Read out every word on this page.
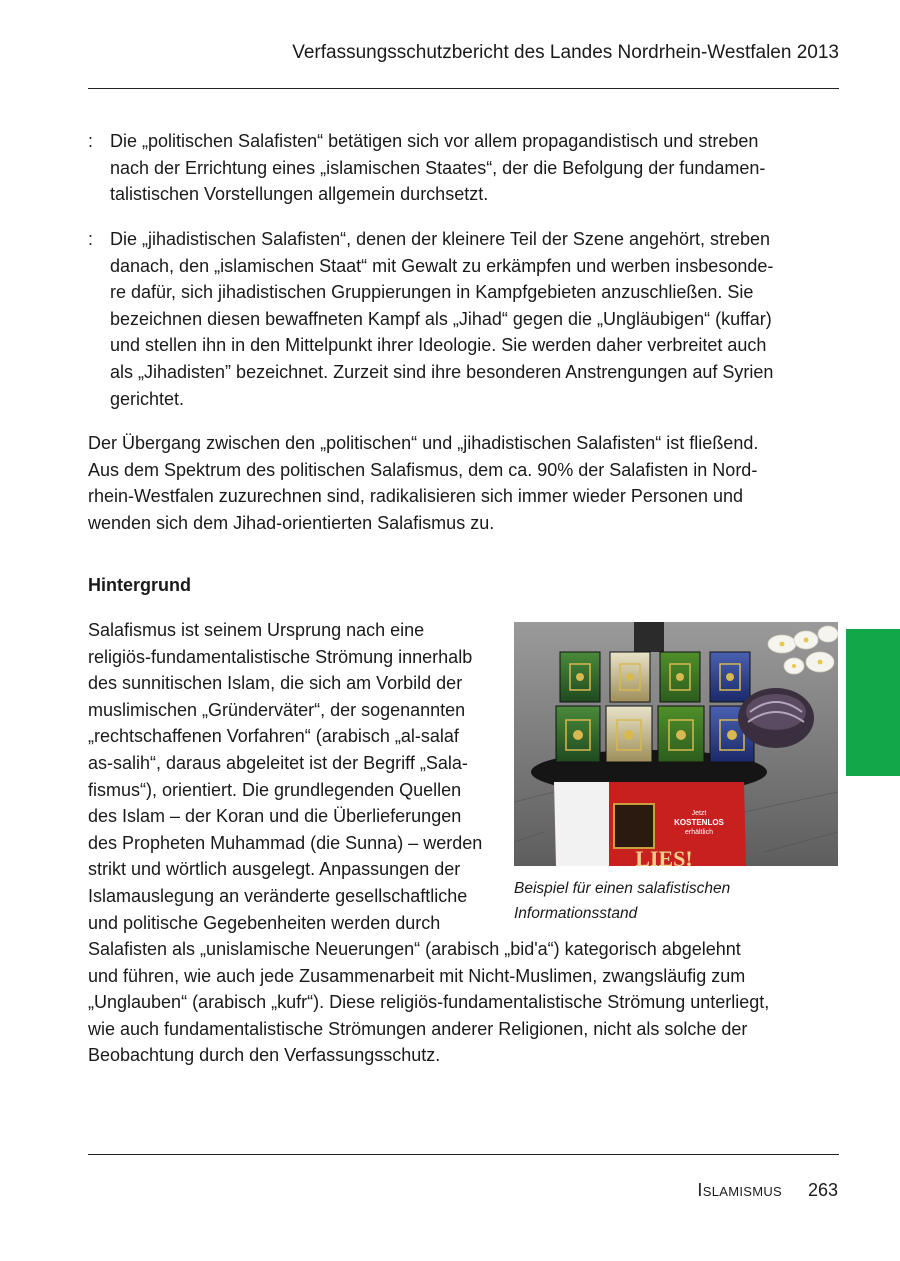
Verfassungsschutzbericht des Landes Nordrhein-Westfalen 2013
: Die „politischen Salafisten“ betätigen sich vor allem propagandistisch und streben
nach der Errichtung eines „islamischen Staates“, der die Befolgung der fundamen-
talistischen Vorstellungen allgemein durchsetzt.
: Die „jihadistischen Salafisten“, denen der kleinere Teil der Szene angehört, streben
danach, den „islamischen Staat“ mit Gewalt zu erkämpfen und werben insbesonde-
re dafür, sich jihadistischen Gruppierungen in Kampfgebieten anzuschließen. Sie
bezeichnen diesen bewaffneten Kampf als „Jihad“ gegen die „Ungläubigen“ (kuffar)
und stellen ihn in den Mittelpunkt ihrer Ideologie. Sie werden daher verbreitet auch
als „Jihadisten” bezeichnet. Zurzeit sind ihre besonderen Anstrengungen auf Syrien
gerichtet.
Der Übergang zwischen den „politischen“ und „jihadistischen Salafisten“ ist fließend.
Aus dem Spektrum des politischen Salafismus, dem ca. 90% der Salafisten in Nord-
rhein-Westfalen zuzurechnen sind, radikalisieren sich immer wieder Personen und
wenden sich dem Jihad-orientierten Salafismus zu.
Hintergrund
Salafismus ist seinem Ursprung nach eine
religiös-fundamentalistische Strömung innerhalb
des sunnitischen Islam, die sich am Vorbild der
muslimischen „Gründerväter“, der sogenannten
„rechtschaffenen Vorfahren“ (arabisch „al-salaf
as-salih“, daraus abgeleitet ist der Begriff „Sala-
fismus“), orientiert. Die grundlegenden Quellen
des Islam – der Koran und die Überlieferungen
des Propheten Muhammad (die Sunna) – werden
strikt und wörtlich ausgelegt. Anpassungen der
Islamauslegung an veränderte gesellschaftliche
und politische Gegebenheiten werden durch
Jetzt
KOSTENLOS
erhältlich
LIES!
Beispiel für einen salafistischen
Informationsstand
Salafisten als „unislamische Neuerungen“ (arabisch „bid'a“) kategorisch abgelehnt
und führen, wie auch jede Zusammenarbeit mit Nicht-Muslimen, zwangsläufig zum
„Unglauben“ (arabisch „kufr“). Diese religiös-fundamentalistische Strömung unterliegt,
wie auch fundamentalistische Strömungen anderer Religionen, nicht als solche der
Beobachtung durch den Verfassungsschutz.
Islamismus 263
